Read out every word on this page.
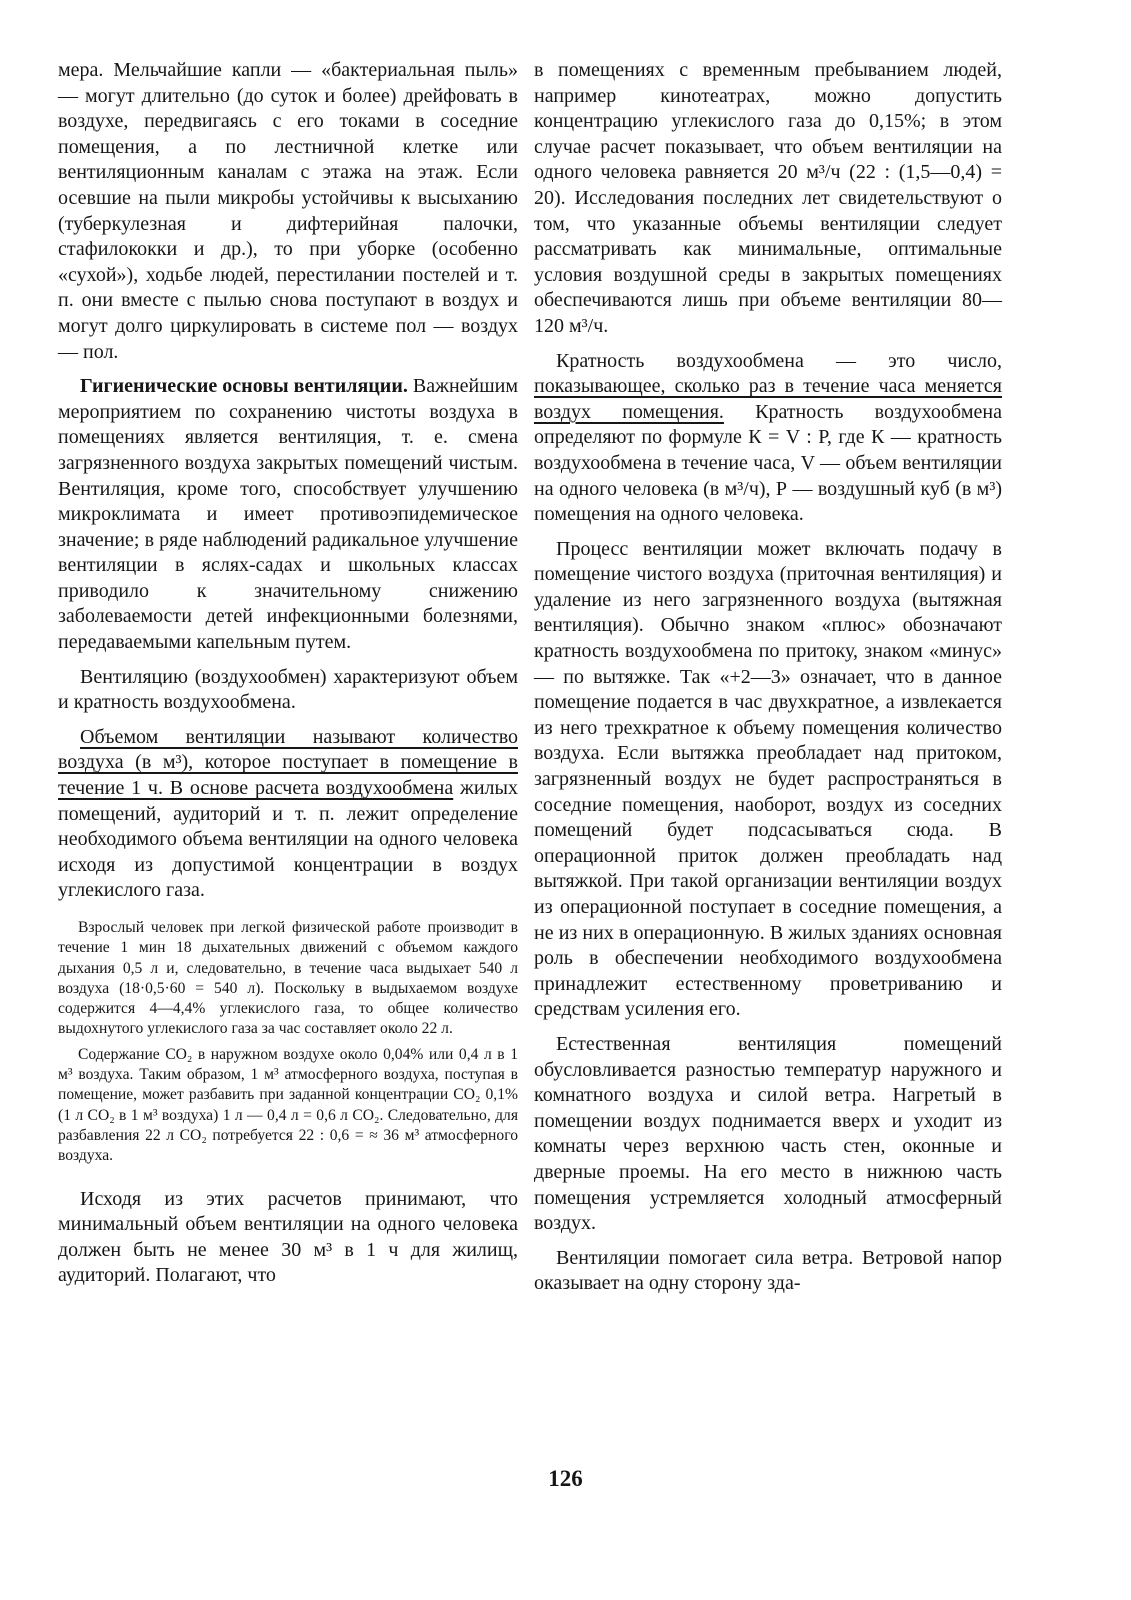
мера. Мельчайшие капли — «бактериальная пыль» — могут длительно (до суток и более) дрейфовать в воздухе, передвигаясь с его токами в соседние помещения, а по лестничной клетке или вентиляционным каналам с этажа на этаж. Если осевшие на пыли микробы устойчивы к высыханию (туберкулезная и дифтерийная палочки, стафилококки и др.), то при уборке (особенно «сухой»), ходьбе людей, перестилании постелей и т. п. они вместе с пылью снова поступают в воздух и могут долго циркулировать в системе пол — воздух — пол.

Гигиенические основы вентиляции. Важнейшим мероприятием по сохранению чистоты воздуха в помещениях является вентиляция, т. е. смена загрязненного воздуха закрытых помещений чистым. Вентиляция, кроме того, способствует улучшению микроклимата и имеет противоэпидемическое значение; в ряде наблюдений радикальное улучшение вентиляции в яслях-садах и школьных классах приводило к значительному снижению заболеваемости детей инфекционными болезнями, передаваемыми капельным путем.

Вентиляцию (воздухообмен) характеризуют объем и кратность воздухообмена.

Объемом вентиляции называют количество воздуха (в м³), которое поступает в помещение в течение 1 ч. В основе расчета воздухообмена жилых помещений, аудиторий и т. п. лежит определение необходимого объема вентиляции на одного человека исходя из допустимой концентрации в воздух углекислого газа.

Взрослый человек при легкой физической работе производит в течение 1 мин 18 дыхательных движений с объемом каждого дыхания 0,5 л и, следовательно, в течение часа выдыхает 540 л воздуха (18·0,5·60 = 540 л). Поскольку в выдыхаемом воздухе содержится 4—4,4% углекислого газа, то общее количество выдохнутого углекислого газа за час составляет около 22 л.

Содержание CO₂ в наружном воздухе около 0,04% или 0,4 л в 1 м³ воздуха. Таким образом, 1 м³ атмосферного воздуха, поступая в помещение, может разбавить при заданной концентрации CO₂ 0,1% (1 л CO₂ в 1 м³ воздуха) 1 л — 0,4 л = 0,6 л CO₂. Следовательно, для разбавления 22 л CO₂ потребуется 22 : 0,6 = ≈ 36 м³ атмосферного воздуха.

Исходя из этих расчетов принимают, что минимальный объем вентиляции на одного человека должен быть не менее 30 м³ в 1 ч для жилищ, аудиторий. Полагают, что

в помещениях с временным пребыванием людей, например кинотеатрах, можно допустить концентрацию углекислого газа до 0,15%; в этом случае расчет показывает, что объем вентиляции на одного человека равняется 20 м³/ч (22 : (1,5—0,4) = 20). Исследования последних лет свидетельствуют о том, что указанные объемы вентиляции следует рассматривать как минимальные, оптимальные условия воздушной среды в закрытых помещениях обеспечиваются лишь при объеме вентиляции 80—120 м³/ч.

Кратность воздухообмена — это число, показывающее, сколько раз в течение часа меняется воздух помещения. Кратность воздухообмена определяют по формуле К = V : Р, где К — кратность воздухообмена в течение часа, V — объем вентиляции на одного человека (в м³/ч), Р — воздушный куб (в м³) помещения на одного человека.

Процесс вентиляции может включать подачу в помещение чистого воздуха (приточная вентиляция) и удаление из него загрязненного воздуха (вытяжная вентиляция). Обычно знаком «плюс» обозначают кратность воздухообмена по притоку, знаком «минус» — по вытяжке. Так «+2—3» означает, что в данное помещение подается в час двухкратное, а извлекается из него трехкратное к объему помещения количество воздуха. Если вытяжка преобладает над притоком, загрязненный воздух не будет распространяться в соседние помещения, наоборот, воздух из соседних помещений будет подсасываться сюда. В операционной приток должен преобладать над вытяжкой. При такой организации вентиляции воздух из операционной поступает в соседние помещения, а не из них в операционную. В жилых зданиях основная роль в обеспечении необходимого воздухообмена принадлежит естественному проветриванию и средствам усиления его.

Естественная вентиляция помещений обусловливается разностью температур наружного и комнатного воздуха и силой ветра. Нагретый в помещении воздух поднимается вверх и уходит из комнаты через верхнюю часть стен, оконные и дверные проемы. На его место в нижнюю часть помещения устремляется холодный атмосферный воздух.

Вентиляции помогает сила ветра. Ветровой напор оказывает на одну сторону зда-

126
